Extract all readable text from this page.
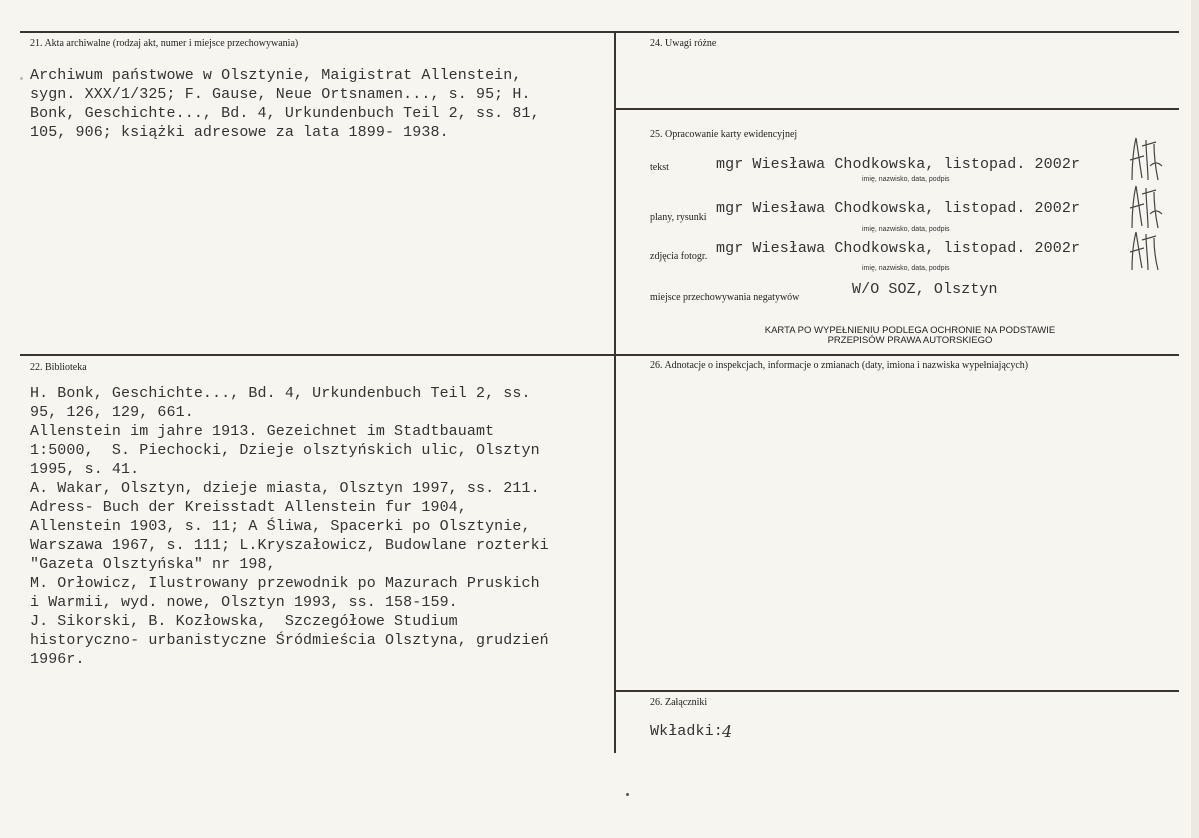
21. Akta archiwalne (rodzaj akt, numer i miejsce przechowywania)
Archiwum państwowe w Olsztynie, Maigistrat Allenstein,
sygn. XXX/1/325; F. Gause, Neue Ortsnamen..., s. 95; H.
Bonk, Geschichte..., Bd. 4, Urkundenbuch Teil 2, ss. 81,
105, 906; książki adresowe za lata 1899- 1938.
22. Biblioteka
H. Bonk, Geschichte..., Bd. 4, Urkundenbuch Teil 2, ss.
95, 126, 129, 661.
Allenstein im jahre 1913. Gezeichnet im Stadtbauamt
1:5000,  S. Piechocki, Dzieje olsztyńskich ulic, Olsztyn
1995, s. 41.
A. Wakar, Olsztyn, dzieje miasta, Olsztyn 1997, ss. 211.
Adress- Buch der Kreisstadt Allenstein fur 1904,
Allenstein 1903, s. 11; A Śliwa, Spacerki po Olsztynie,
Warszawa 1967, s. 111; L.Kryszałowicz, Budowlane rozterki
"Gazeta Olsztyńska" nr 198,
M. Orłowicz, Ilustrowany przewodnik po Mazurach Pruskich
i Warmii, wyd. nowe, Olsztyn 1993, ss. 158-159.
J. Sikorski, B. Kozłowska,  Szczegółowe Studium
historyczno- urbanistyczne Śródmieścia Olsztyna, grudzień
1996r.
24. Uwagi różne
25. Opracowanie karty ewidencyjnej
tekst	mgr Wiesława Chodkowska, listopad. 2002r
imię, nazwisko, data, podpis
plany, rysunki
mgr Wiesława Chodkowska, listopad. 2002r
imię, nazwisko, data, podpis
zdjęcia fotogr. mgr Wiesława Chodkowska, listopad. 2002r
imię, nazwisko, data, podpis
miejsce przechowywania negatywów	W/O SOZ, Olsztyn
KARTA PO WYPEŁNIENIU PODLEGA OCHRONIE NA PODSTAWIE
PRZEPISÓW PRAWA AUTORSKIEGO
26. Adnotacje o inspekcjach, informacje o zmianach (daty, imiona i nazwiska wypełniających)
26. Załączniki
Wkładki: 4
